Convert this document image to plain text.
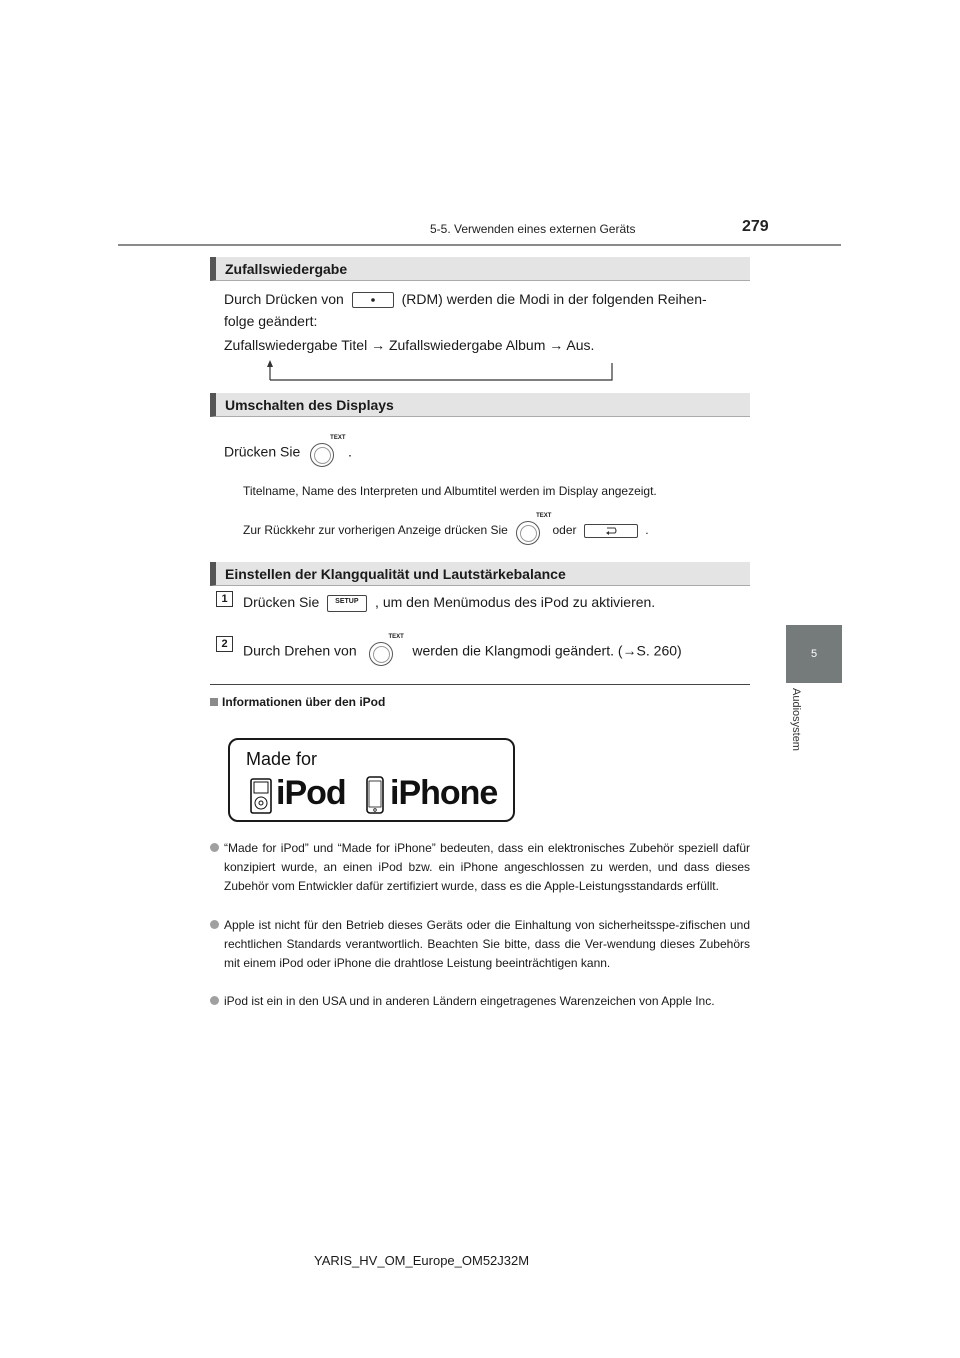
5-5. Verwenden eines externen Geräts	279
5
Audiosystem
Zufallswiedergabe
Durch Drücken von	(RDM) werden die Modi in der folgenden Reihen-
folge geändert:
Zufallswiedergabe Titel → Zufallswiedergabe Album → Aus.
Umschalten des Displays
Drücken Sie
TEXT
.
Titelname, Name des Interpreten und Albumtitel werden im Display angezeigt.
Zur Rückkehr zur vorherigen Anzeige drücken Sie
TEXT
oder	.
Einstellen der Klangqualität und Lautstärkebalance
1	Drücken Sie SETUP , um den Menümodus des iPod zu aktivieren.
2	Durch Drehen von
TEXT
werden die Klangmodi geändert. (→S. 260)
Informationen über den iPod
Made for
iPod iPhone
“Made for iPod” und “Made for iPhone” bedeuten, dass ein elektronisches Zubehör speziell dafür konzipiert wurde, an einen iPod bzw. ein iPhone angeschlossen zu werden, und dass dieses Zubehör vom Entwickler dafür zertifiziert wurde, dass es die Apple-Leistungsstandards erfüllt.
Apple ist nicht für den Betrieb dieses Geräts oder die Einhaltung von sicherheitsspe-zifischen und rechtlichen Standards verantwortlich. Beachten Sie bitte, dass die Ver-wendung dieses Zubehörs mit einem iPod oder iPhone die drahtlose Leistung beeinträchtigen kann.
iPod ist ein in den USA und in anderen Ländern eingetragenes Warenzeichen von Apple Inc.
YARIS_HV_OM_Europe_OM52J32M
